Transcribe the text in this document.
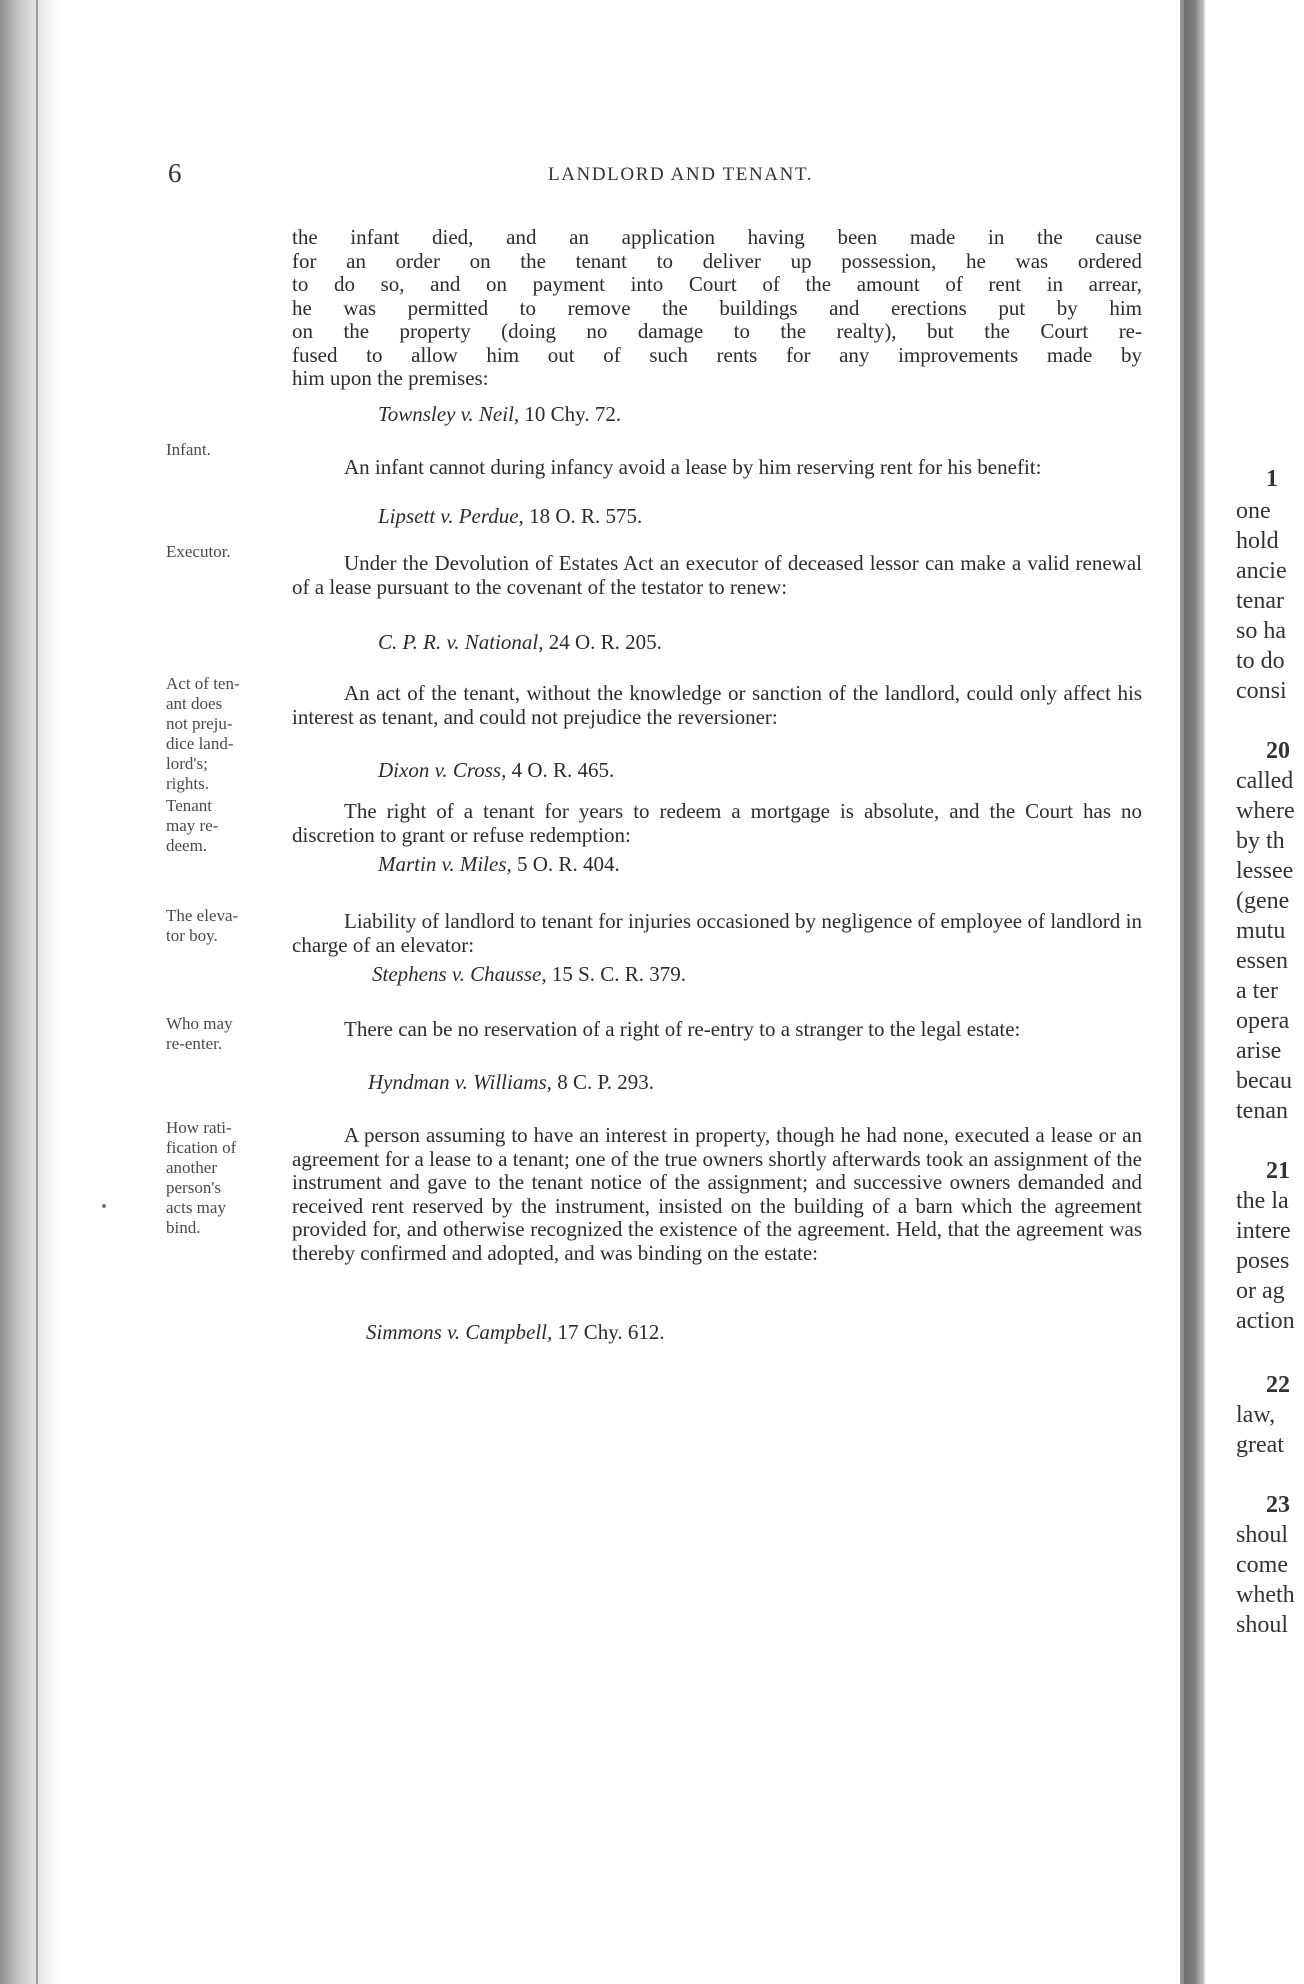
6	LANDLORD AND TENANT.
the infant died, and an application having been made in the cause
for an order on the tenant to deliver up possession, he was ordered
to do so, and on payment into Court of the amount of rent in arrear,
he was permitted to remove the buildings and erections put by him
on the property (doing no damage to the realty), but the Court re-
fused to allow him out of such rents for any improvements made by
him upon the premises:
Townsley v. Neil, 10 Chy. 72.
Infant.
An infant cannot during infancy avoid a lease by him reserving rent for his benefit:
Lipsett v. Perdue, 18 O. R. 575.
Executor.	Under the Devolution of Estates Act an executor of deceased lessor can make a valid renewal of a lease pursuant to the covenant of the testator to renew:
C. P. R. v. National, 24 O. R. 205.
Act of ten-
ant does
not preju-
dice land-
lord's;
rights.
An act of the tenant, without the knowledge or sanction of the landlord, could only affect his interest as tenant, and could not prejudice the reversioner:
Dixon v. Cross, 4 O. R. 465.
Tenant
may re-
deem.
The right of a tenant for years to redeem a mortgage is absolute, and the Court has no discretion to grant or refuse redemption:
Martin v. Miles, 5 O. R. 404.
The eleva-
tor boy.
Liability of landlord to tenant for injuries occasioned by negligence of employee of landlord in charge of an elevator:
Stephens v. Chausse, 15 S. C. R. 379.
Who may
re-enter.
There can be no reservation of a right of re-entry to a stranger to the legal estate:
Hyndman v. Williams, 8 C. P. 293.
How rati-
fication of
another
person's
acts may
bind.
A person assuming to have an interest in property, though he had none, executed a lease or an agreement for a lease to a tenant; one of the true owners shortly afterwards took an assignment of the instrument and gave to the tenant notice of the assignment; and successive owners demanded and received rent reserved by the instrument, insisted on the building of a barn which the agreement provided for, and otherwise recognized the existence of the agreement. Held, that the agreement was thereby confirmed and adopted, and was binding on the estate:
Simmons v. Campbell, 17 Chy. 612.
1
one
hold
ancie
tenar
so ha
to do
consi
20
called
where
by th
lessee
(gene
mutu
essen
a ter
opera
arise
becau
tenan
21
the la
intere
poses
or ag
action
22
law,
great
23
shoul
come
wheth
shoul
